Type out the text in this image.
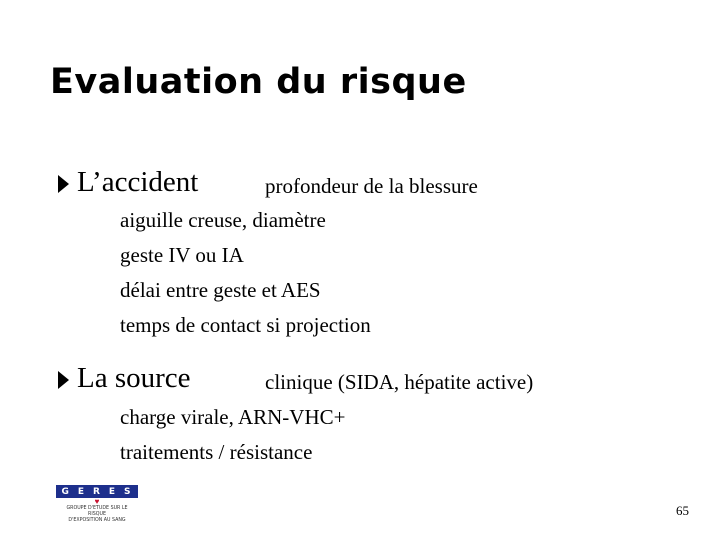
Evaluation du risque
L’accident	profondeur de la blessure
aiguille creuse, diamètre
geste IV ou IA
délai entre geste et AES
temps de contact si projection
La source	clinique (SIDA, hépatite active)
charge virale, ARN-VHC+
traitements / résistance
G E R E S
♥
GROUPE D'ETUDE SUR LE RISQUE
D'EXPOSITION AU SANG
65
